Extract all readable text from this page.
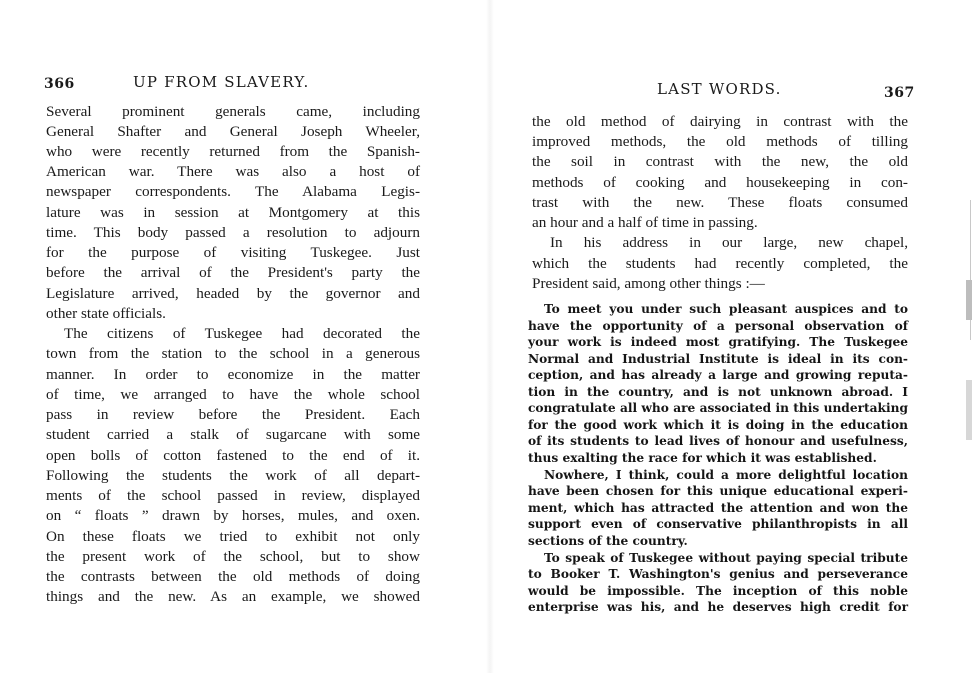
366	UP FROM SLAVERY.
Several prominent generals came, including
General Shafter and General Joseph Wheeler,
who were recently returned from the Spanish-
American war. There was also a host of
newspaper correspondents. The Alabama Legis-
lature was in session at Montgomery at this
time. This body passed a resolution to adjourn
for the purpose of visiting Tuskegee. Just
before the arrival of the President's party the
Legislature arrived, headed by the governor and
other state officials.
The citizens of Tuskegee had decorated the
town from the station to the school in a generous
manner. In order to economize in the matter
of time, we arranged to have the whole school
pass in review before the President. Each
student carried a stalk of sugarcane with some
open bolls of cotton fastened to the end of it.
Following the students the work of all depart-
ments of the school passed in review, displayed
on “ floats ” drawn by horses, mules, and oxen.
On these floats we tried to exhibit not only
the present work of the school, but to show
the contrasts between the old methods of doing
things and the new. As an example, we showed
LAST WORDS.	367
the old method of dairying in contrast with the
improved methods, the old methods of tilling
the soil in contrast with the new, the old
methods of cooking and housekeeping in con-
trast with the new. These floats consumed
an hour and a half of time in passing.
In his address in our large, new chapel,
which the students had recently completed, the
President said, among other things :—
To meet you under such pleasant auspices and to
have the opportunity of a personal observation of
your work is indeed most gratifying. The Tuskegee
Normal and Industrial Institute is ideal in its con-
ception, and has already a large and growing reputa-
tion in the country, and is not unknown abroad. I
congratulate all who are associated in this undertaking
for the good work which it is doing in the education
of its students to lead lives of honour and usefulness,
thus exalting the race for which it was established.
Nowhere, I think, could a more delightful location
have been chosen for this unique educational experi-
ment, which has attracted the attention and won the
support even of conservative philanthropists in all
sections of the country.
To speak of Tuskegee without paying special tribute
to Booker T. Washington's genius and perseverance
would be impossible. The inception of this noble
enterprise was his, and he deserves high credit for
